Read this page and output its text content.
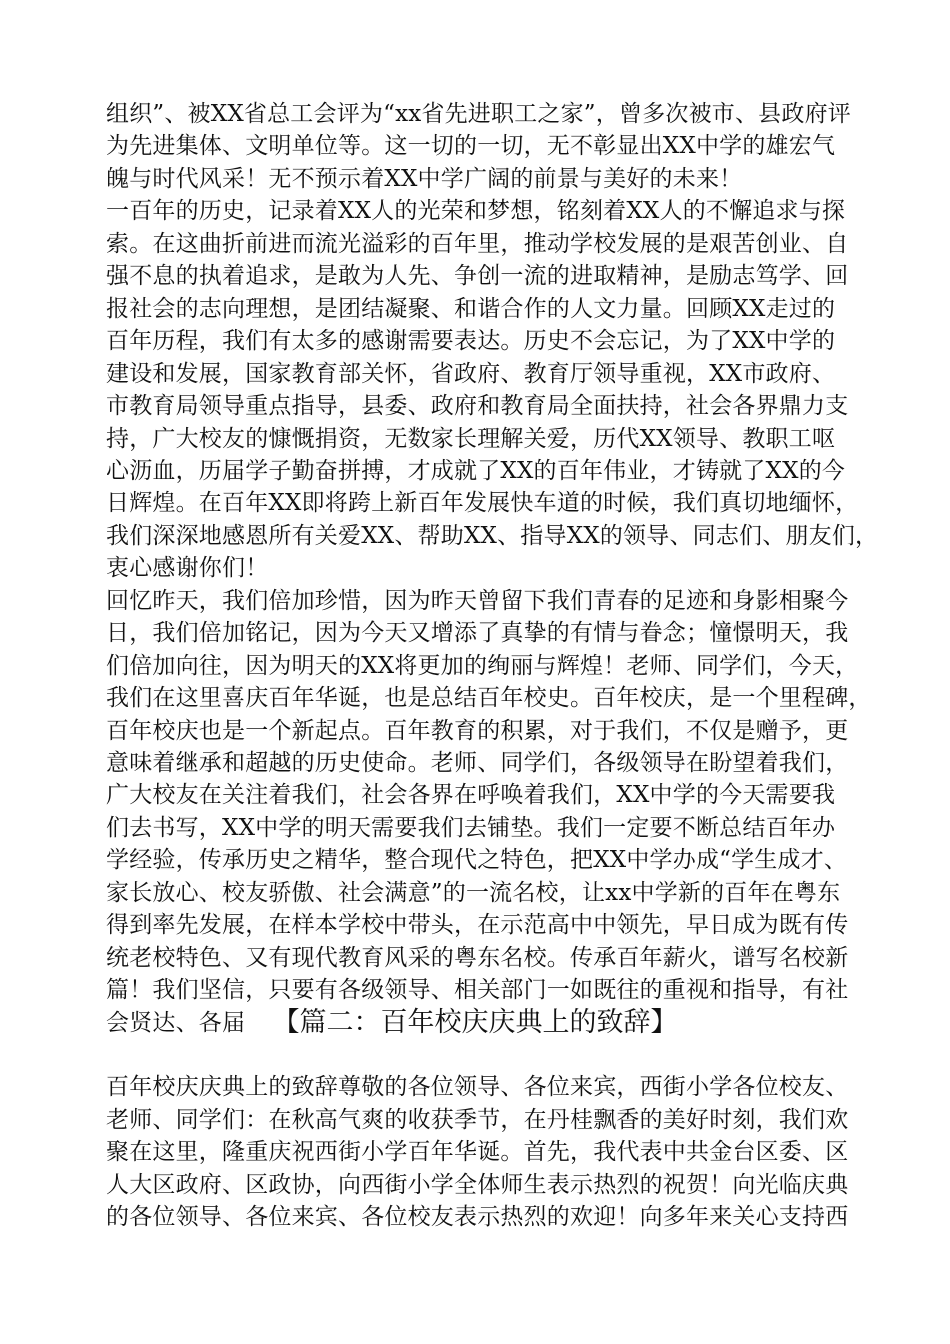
组织”、被XX省总工会评为“xx省先进职工之家”，曾多次被市、县政府评
为先进集体、文明单位等。这一切的一切，无不彰显出XX中学的雄宏气
魄与时代风采！无不预示着XX中学广阔的前景与美好的未来！
一百年的历史，记录着XX人的光荣和梦想，铭刻着XX人的不懈追求与探
索。在这曲折前进而流光溢彩的百年里，推动学校发展的是艰苦创业、自
强不息的执着追求，是敢为人先、争创一流的进取精神，是励志笃学、回
报社会的志向理想，是团结凝聚、和谐合作的人文力量。回顾XX走过的
百年历程，我们有太多的感谢需要表达。历史不会忘记，为了XX中学的
建设和发展，国家教育部关怀，省政府、教育厅领导重视，XX市政府、
市教育局领导重点指导，县委、政府和教育局全面扶持，社会各界鼎力支
持，广大校友的慷慨捐资，无数家长理解关爱，历代XX领导、教职工呕
心沥血，历届学子勤奋拼搏，才成就了XX的百年伟业，才铸就了XX的今
日辉煌。在百年XX即将跨上新百年发展快车道的时候，我们真切地缅怀，
我们深深地感恩所有关爱XX、帮助XX、指导XX的领导、同志们、朋友们，
衷心感谢你们！
回忆昨天，我们倍加珍惜，因为昨天曾留下我们青春的足迹和身影相聚今
日，我们倍加铭记，因为今天又增添了真挚的有情与眷念；憧憬明天，我
们倍加向往，因为明天的XX将更加的绚丽与辉煌！老师、同学们，今天，
我们在这里喜庆百年华诞，也是总结百年校史。百年校庆，是一个里程碑，
百年校庆也是一个新起点。百年教育的积累，对于我们，不仅是赠予，更
意味着继承和超越的历史使命。老师、同学们，各级领导在盼望着我们，
广大校友在关注着我们，社会各界在呼唤着我们，XX中学的今天需要我
们去书写，XX中学的明天需要我们去铺垫。我们一定要不断总结百年办
学经验，传承历史之精华，整合现代之特色，把XX中学办成“学生成才、
家长放心、校友骄傲、社会满意”的一流名校，让xx中学新的百年在粤东
得到率先发展，在样本学校中带头，在示范高中中领先，早日成为既有传
统老校特色、又有现代教育风采的粤东名校。传承百年薪火，谱写名校新
篇！我们坚信，只要有各级领导、相关部门一如既往的重视和指导，有社
会贤达、各届	【篇二：百年校庆庆典上的致辞】
百年校庆庆典上的致辞尊敬的各位领导、各位来宾，西街小学各位校友、
老师、同学们：在秋高气爽的收获季节，在丹桂飘香的美好时刻，我们欢
聚在这里，隆重庆祝西街小学百年华诞。首先，我代表中共金台区委、区
人大区政府、区政协，向西街小学全体师生表示热烈的祝贺！向光临庆典
的各位领导、各位来宾、各位校友表示热烈的欢迎！向多年来关心支持西
